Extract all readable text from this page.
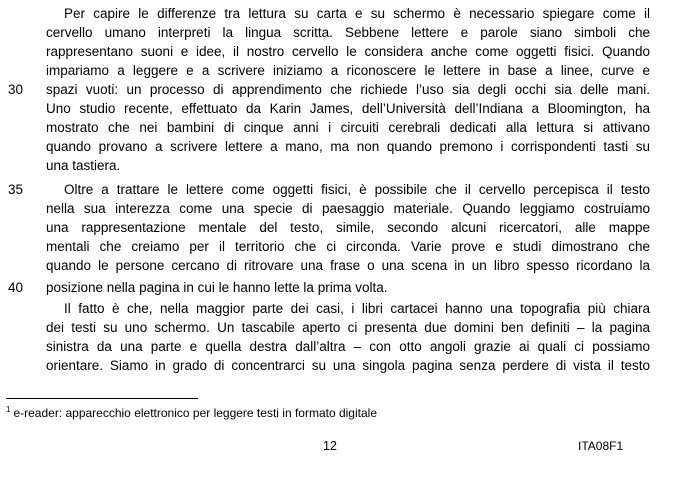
Per capire le differenze tra lettura su carta e su schermo è necessario spiegare come il
cervello umano interpreti la lingua scritta. Sebbene lettere e parole siano simboli che
rappresentano suoni e idee, il nostro cervello le considera anche come oggetti fisici. Quando
impariamo a leggere e a scrivere iniziamo a riconoscere le lettere in base a linee, curve e
30	spazi vuoti: un processo di apprendimento che richiede l’uso sia degli occhi sia delle mani.
Uno studio recente, effettuato da Karin James, dell’Università dell’Indiana a Bloomington, ha
mostrato che nei bambini di cinque anni i circuiti cerebrali dedicati alla lettura si attivano
quando provano a scrivere lettere a mano, ma non quando premono i corrispondenti tasti su
una tastiera.
35	Oltre a trattare le lettere come oggetti fisici, è possibile che il cervello percepisca il testo
nella sua interezza come una specie di paesaggio materiale. Quando leggiamo costruiamo
una rappresentazione mentale del testo, simile, secondo alcuni ricercatori, alle mappe
mentali che creiamo per il territorio che ci circonda. Varie prove e studi dimostrano che
quando le persone cercano di ritrovare una frase o una scena in un libro spesso ricordano la
40	posizione nella pagina in cui le hanno lette la prima volta.
Il fatto è che, nella maggior parte dei casi, i libri cartacei hanno una topografia più chiara
dei testi su uno schermo. Un tascabile aperto ci presenta due domini ben definiti – la pagina
sinistra da una parte e quella destra dall’altra – con otto angoli grazie ai quali ci possiamo
orientare. Siamo in grado di concentrarci su una singola pagina senza perdere di vista il testo
$^1$ e-reader: apparecchio elettronico per leggere testi in formato digitale
12	ITA08F1
